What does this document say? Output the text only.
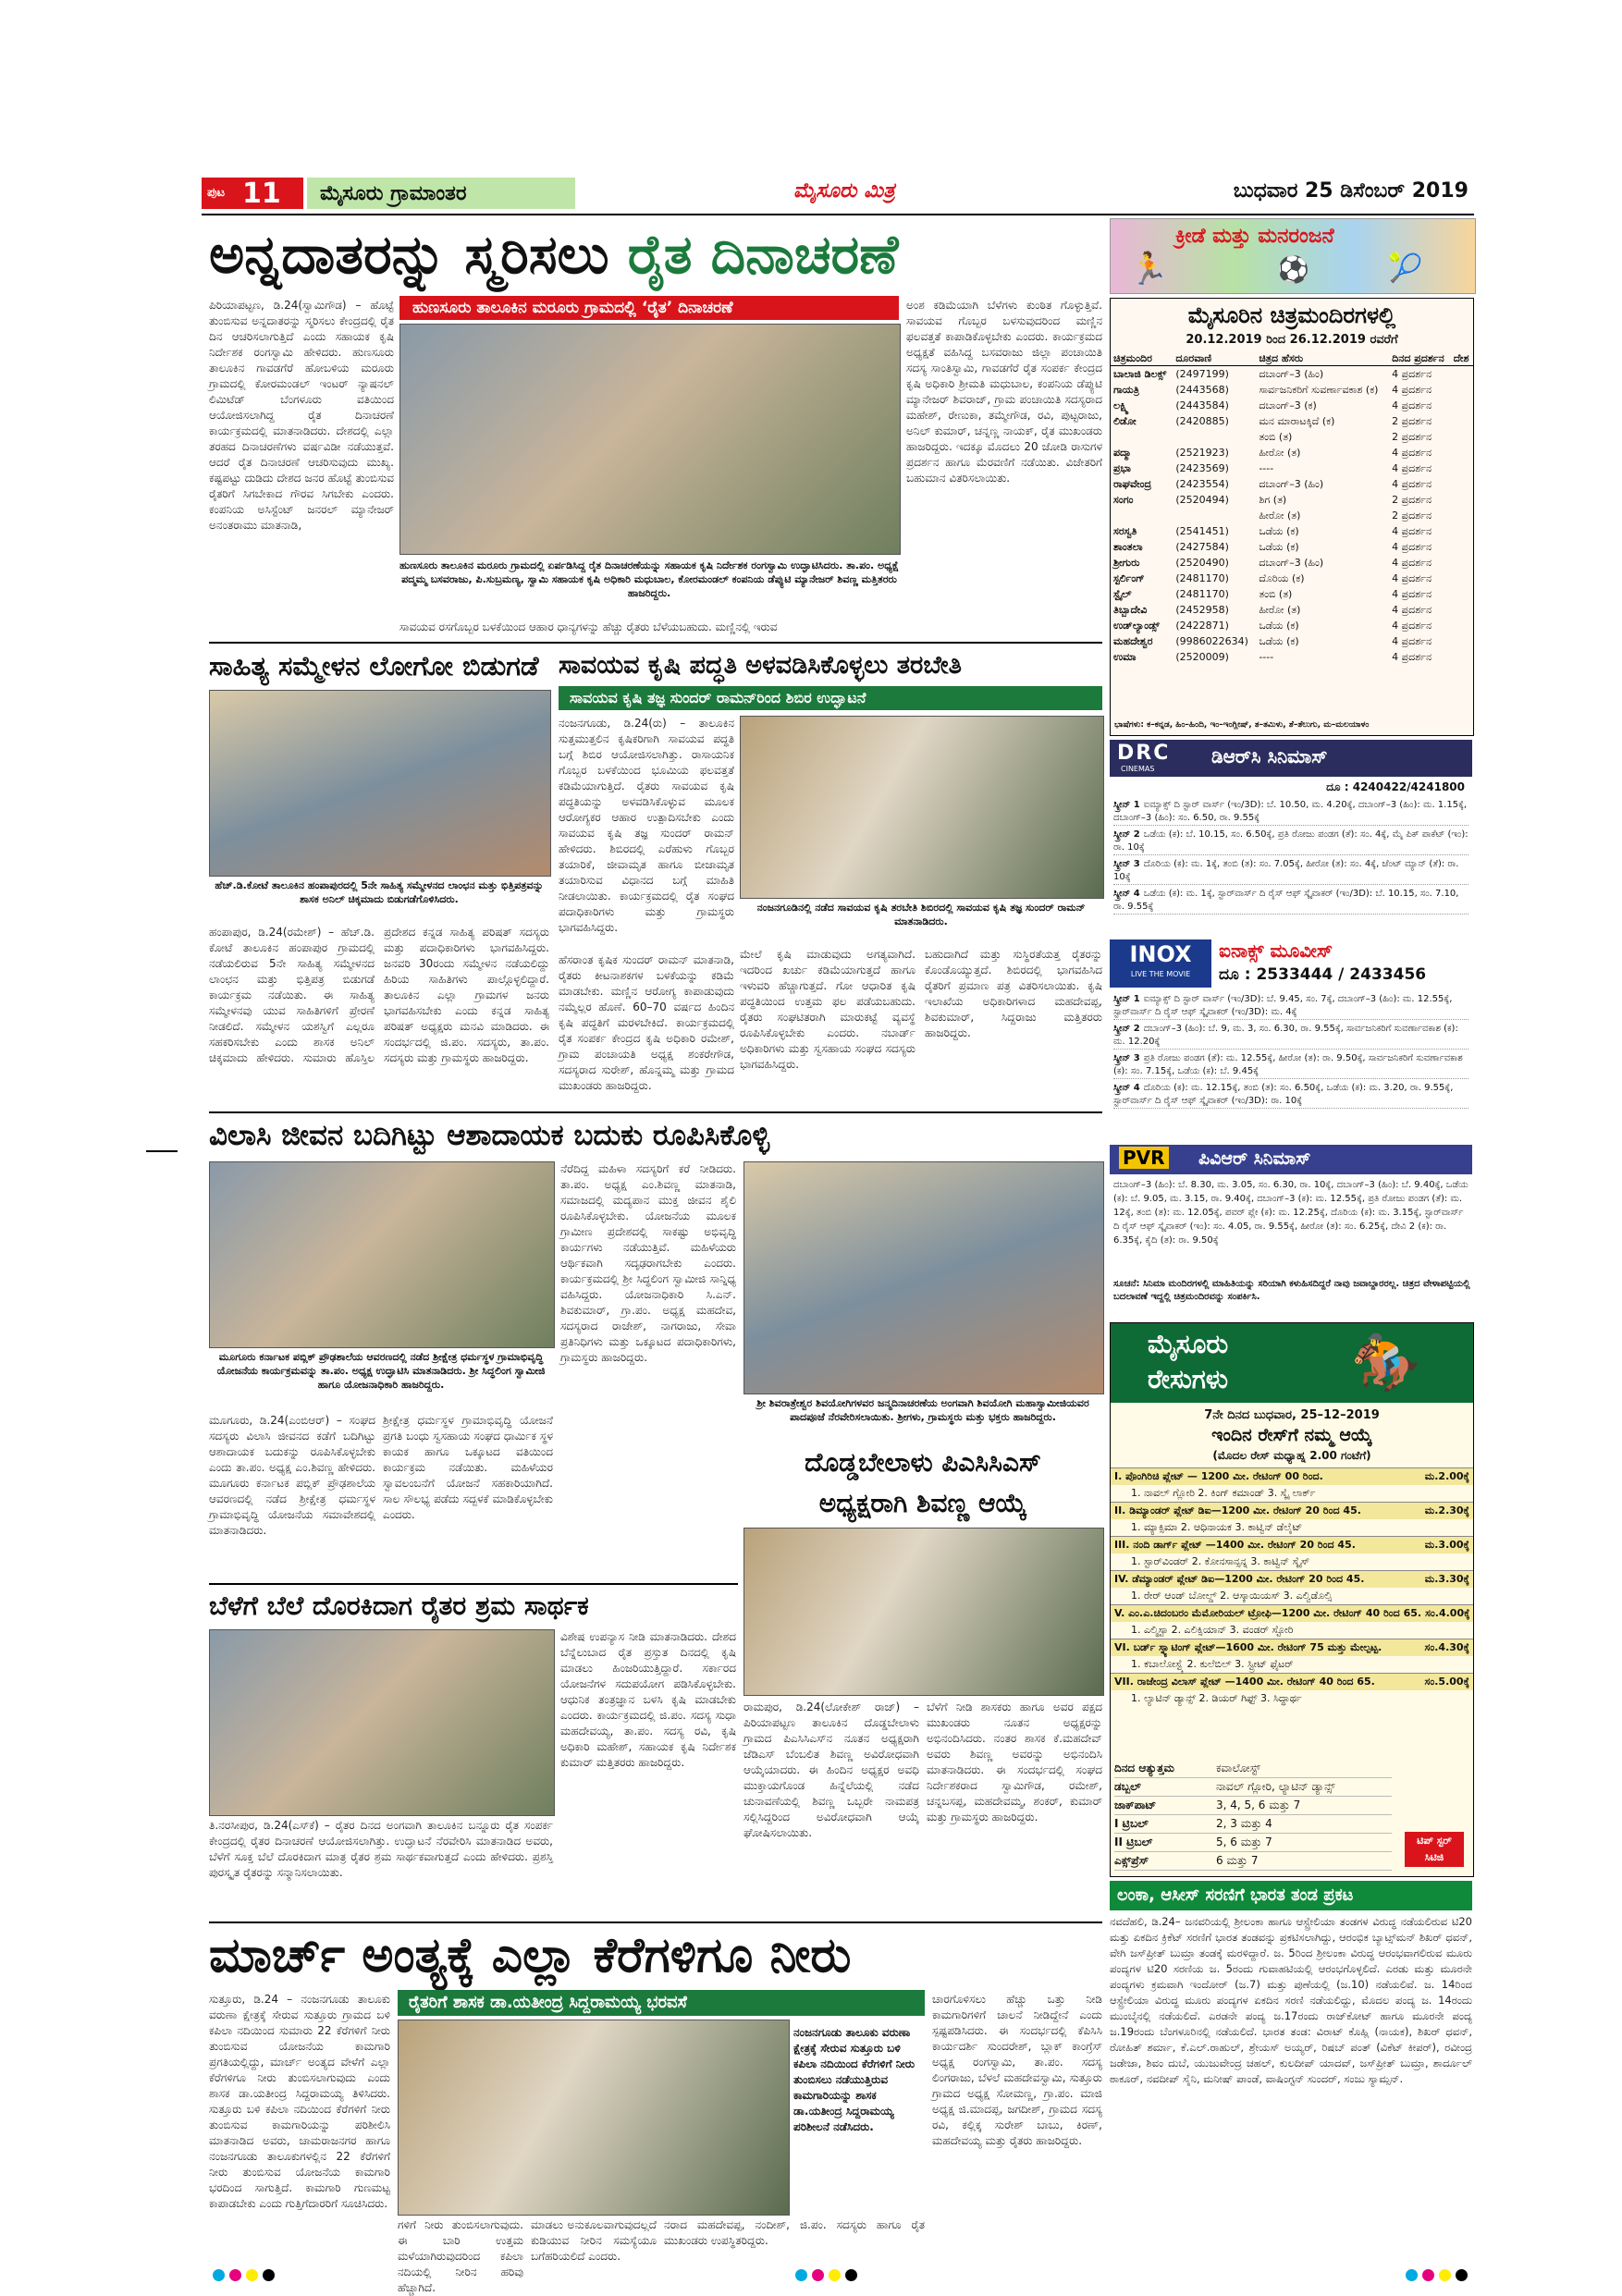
ಪುಟ 11 ಮೈಸೂರು ಗ್ರಾಮಾಂತರ	ಮೈಸೂರು ಮಿತ್ರ	ಬುಧವಾರ 25 ಡಿಸೆಂಬರ್ 2019
ಅನ್ನದಾತರನ್ನು ಸ್ಮರಿಸಲು ರೈತ ದಿನಾಚರಣೆ
ಪಿರಿಯಾಪಟ್ಟಣ, ಡಿ.24(ಸ್ವಾಮಿಗೌಡ) – ಹೊಟ್ಟೆ ತುಂಬಿಸುವ ಅನ್ನದಾತರನ್ನು ಸ್ಮರಿಸಲು ಕೇಂದ್ರದಲ್ಲಿ ರೈತ ದಿನ ಆಚರಿಸಲಾಗುತ್ತಿದೆ ಎಂದು ಸಹಾಯಕ ಕೃಷಿ ನಿರ್ದೇಶಕ ರಂಗಸ್ವಾಮಿ ಹೇಳಿದರು. ಹುಣಸೂರು ತಾಲೂಕಿನ ಗಾವಡಗೆರೆ ಹೋಬಳಿಯ ಮರೂರು ಗ್ರಾಮದಲ್ಲಿ ಕೋರಮಂಡಲ್ ಇಂಟರ್ ನ್ಯಾಷನಲ್ ಲಿಮಿಟೆಡ್ ಬೆಂಗಳೂರು ವತಿಯಿಂದ ಆಯೋಜಿಸಲಾಗಿದ್ದ ರೈತ ದಿನಾಚರಣೆ ಕಾರ್ಯಕ್ರಮದಲ್ಲಿ ಮಾತನಾಡಿದರು. ದೇಶದಲ್ಲಿ ಎಲ್ಲಾ ತರಹದ ದಿನಾಚರಣೆಗಳು ವರ್ಷವಿಡೀ ನಡೆಯುತ್ತವೆ. ಆದರೆ ರೈತ ದಿನಾಚರಣೆ ಆಚರಿಸುವುದು ಮುಖ್ಯ. ಕಷ್ಟಪಟ್ಟು ದುಡಿದು ದೇಶದ ಜನರ ಹೊಟ್ಟೆ ತುಂಬಿಸುವ ರೈತರಿಗೆ ಸಿಗಬೇಕಾದ ಗೌರವ ಸಿಗಬೇಕು ಎಂದರು. ಕಂಪನಿಯ ಅಸಿಸ್ಟೆಂಟ್ ಜನರಲ್ ಮ್ಯಾನೇಜರ್ ಅನಂತರಾಮು ಮಾತನಾಡಿ,
ಹುಣಸೂರು ತಾಲೂಕಿನ ಮರೂರು ಗ್ರಾಮದಲ್ಲಿ ‘ರೈತ’ ದಿನಾಚರಣೆ
ಹುಣಸೂರು ತಾಲೂಕಿನ ಮರೂರು ಗ್ರಾಮದಲ್ಲಿ ಏರ್ಪಡಿಸಿದ್ದ ರೈತ ದಿನಾಚರಣೆಯನ್ನು ಸಹಾಯಕ ಕೃಷಿ ನಿರ್ದೇಶಕ ರಂಗಸ್ವಾಮಿ ಉದ್ಘಾಟಿಸಿದರು. ತಾ.ಪಂ. ಅಧ್ಯಕ್ಷೆ ಪದ್ಮಮ್ಮ ಬಸವರಾಜು, ಪಿ.ಸುಬ್ರಮಣ್ಯ, ಸ್ವಾಮಿ ಸಹಾಯಕ ಕೃಷಿ ಅಧಿಕಾರಿ ಮಧುಬಾಲ, ಕೋರಮಂಡಲ್ ಕಂಪನಿಯ ಡೆಪ್ಯುಟಿ ಮ್ಯಾನೇಜರ್ ಶಿವಣ್ಣ ಮತ್ತಿತರರು ಹಾಜರಿದ್ದರು.
ಸಾವಯವ ರಸಗೊಬ್ಬರ ಬಳಕೆಯಿಂದ ಆಹಾರ ಧಾನ್ಯಗಳನ್ನು ಹೆಚ್ಚು ರೈತರು ಬೆಳೆಯಬಹುದು. ಮಣ್ಣಿನಲ್ಲಿ ಇರುವ
ಅಂಶ ಕಡಿಮೆಯಾಗಿ ಬೆಳೆಗಳು ಕುಂಠಿತ ಗೊಳ್ಳುತ್ತಿವೆ. ಸಾವಯವ ಗೊಬ್ಬರ ಬಳಸುವುದರಿಂದ ಮಣ್ಣಿನ ಫಲವತ್ತತೆ ಕಾಪಾಡಿಕೊಳ್ಳಬೇಕು ಎಂದರು. ಕಾರ್ಯಕ್ರಮದ ಅಧ್ಯಕ್ಷತೆ ವಹಿಸಿದ್ದ ಬಸವರಾಜು ಜಿಲ್ಲಾ ಪಂಚಾಯಿತಿ ಸದಸ್ಯ ಸಾಂತಿಸ್ವಾಮಿ, ಗಾವಡಗೆರೆ ರೈತ ಸಂಪರ್ಕ ಕೇಂದ್ರದ ಕೃಷಿ ಅಧಿಕಾರಿ ಶ್ರೀಮತಿ ಮಧುಬಾಲ, ಕಂಪನಿಯ ಡೆಪ್ಯುಟಿ ಮ್ಯಾನೇಜರ್ ಶಿವರಾಜ್, ಗ್ರಾಮ ಪಂಚಾಯಿತಿ ಸದಸ್ಯರಾದ ಮಹೇಶ್, ರೇಣುಕಾ, ತಮ್ಮೇಗೌಡ, ರವಿ, ಪುಟ್ಟರಾಜು, ಅನಿಲ್ ಕುಮಾರ್, ಚನ್ನಣ್ಣ ನಾಯಕ್, ರೈತ ಮುಖಂಡರು ಹಾಜರಿದ್ದರು. ಇದಕ್ಕೂ ಮೊದಲು 20 ಜೋಡಿ ರಾಸುಗಳ ಪ್ರದರ್ಶನ ಹಾಗೂ ಮೆರವಣಿಗೆ ನಡೆಯಿತು. ವಿಜೇತರಿಗೆ ಬಹುಮಾನ ವಿತರಿಸಲಾಯಿತು.
ಸಾಹಿತ್ಯ ಸಮ್ಮೇಳನ ಲೋಗೋ ಬಿಡುಗಡೆ
ಹೆಚ್.ಡಿ.ಕೋಟೆ ತಾಲೂಕಿನ ಹಂಪಾಪುರದಲ್ಲಿ 5ನೇ ಸಾಹಿತ್ಯ ಸಮ್ಮೇಳನದ ಲಾಂಛನ ಮತ್ತು ಭಿತ್ತಿಪತ್ರವನ್ನು ಶಾಸಕ ಅನಿಲ್ ಚಿಕ್ಕಮಾದು ಬಿಡುಗಡೆಗೊಳಿಸಿದರು.
ಹಂಪಾಪುರ, ಡಿ.24(ರಮೇಶ್) – ಹೆಚ್.ಡಿ. ಕೋಟೆ ತಾಲೂಕಿನ ಹಂಪಾಪುರ ಗ್ರಾಮದಲ್ಲಿ ನಡೆಯಲಿರುವ 5ನೇ ಸಾಹಿತ್ಯ ಸಮ್ಮೇಳನದ ಲಾಂಛನ ಮತ್ತು ಭಿತ್ತಿಪತ್ರ ಬಿಡುಗಡೆ ಕಾರ್ಯಕ್ರಮ ನಡೆಯಿತು. ಈ ಸಾಹಿತ್ಯ ಸಮ್ಮೇಳನವು ಯುವ ಸಾಹಿತಿಗಳಿಗೆ ಪ್ರೇರಣೆ ನೀಡಲಿದೆ. ಸಮ್ಮೇಳನ ಯಶಸ್ವಿಗೆ ಎಲ್ಲರೂ ಸಹಕರಿಸಬೇಕು ಎಂದು ಶಾಸಕ ಅನಿಲ್ ಚಿಕ್ಕಮಾದು ಹೇಳಿದರು. ಸುಮಾರು ಹೊಸ್ತಿಲ ಪ್ರದೇಶದ ಕನ್ನಡ ಸಾಹಿತ್ಯ ಪರಿಷತ್ ಸದಸ್ಯರು ಮತ್ತು ಪದಾಧಿಕಾರಿಗಳು ಭಾಗವಹಿಸಿದ್ದರು. ಜನವರಿ 30ರಂದು ಸಮ್ಮೇಳನ ನಡೆಯಲಿದ್ದು ಹಿರಿಯ ಸಾಹಿತಿಗಳು ಪಾಲ್ಗೊಳ್ಳಲಿದ್ದಾರೆ. ತಾಲೂಕಿನ ಎಲ್ಲಾ ಗ್ರಾಮಗಳ ಜನರು ಭಾಗವಹಿಸಬೇಕು ಎಂದು ಕನ್ನಡ ಸಾಹಿತ್ಯ ಪರಿಷತ್ ಅಧ್ಯಕ್ಷರು ಮನವಿ ಮಾಡಿದರು. ಈ ಸಂದರ್ಭದಲ್ಲಿ ಜಿ.ಪಂ. ಸದಸ್ಯರು, ತಾ.ಪಂ. ಸದಸ್ಯರು ಮತ್ತು ಗ್ರಾಮಸ್ಥರು ಹಾಜರಿದ್ದರು.
ಸಾವಯವ ಕೃಷಿ ಪದ್ಧತಿ ಅಳವಡಿಸಿಕೊಳ್ಳಲು ತರಬೇತಿ
ಸಾವಯವ ಕೃಷಿ ತಜ್ಞ ಸುಂದರ್ ರಾಮನ್‌ರಿಂದ ಶಿಬಿರ ಉದ್ಘಾಟನೆ
ನಂಜನಗೂಡು, ಡಿ.24(ರು) – ತಾಲೂಕಿನ ಸುತ್ತಮುತ್ತಲಿನ ಕೃಷಿಕರಿಗಾಗಿ ಸಾವಯವ ಪದ್ಧತಿ ಬಗ್ಗೆ ಶಿಬಿರ ಆಯೋಜಿಸಲಾಗಿತ್ತು. ರಾಸಾಯನಿಕ ಗೊಬ್ಬರ ಬಳಕೆಯಿಂದ ಭೂಮಿಯ ಫಲವತ್ತತೆ ಕಡಿಮೆಯಾಗುತ್ತಿದೆ. ರೈತರು ಸಾವಯವ ಕೃಷಿ ಪದ್ಧತಿಯನ್ನು ಅಳವಡಿಸಿಕೊಳ್ಳುವ ಮೂಲಕ ಆರೋಗ್ಯಕರ ಆಹಾರ ಉತ್ಪಾದಿಸಬೇಕು ಎಂದು ಸಾವಯವ ಕೃಷಿ ತಜ್ಞ ಸುಂದರ್ ರಾಮನ್ ಹೇಳಿದರು. ಶಿಬಿರದಲ್ಲಿ ಎರೆಹುಳು ಗೊಬ್ಬರ ತಯಾರಿಕೆ, ಜೀವಾಮೃತ ಹಾಗೂ ಬೀಜಾಮೃತ ತಯಾರಿಸುವ ವಿಧಾನದ ಬಗ್ಗೆ ಮಾಹಿತಿ ನೀಡಲಾಯಿತು. ಕಾರ್ಯಕ್ರಮದಲ್ಲಿ ರೈತ ಸಂಘದ ಪದಾಧಿಕಾರಿಗಳು ಮತ್ತು ಗ್ರಾಮಸ್ಥರು ಭಾಗವಹಿಸಿದ್ದರು.
ನಂಜನಗೂಡಿನಲ್ಲಿ ನಡೆದ ಸಾವಯವ ಕೃಷಿ ತರಬೇತಿ ಶಿಬಿರದಲ್ಲಿ ಸಾವಯವ ಕೃಷಿ ತಜ್ಞ ಸುಂದರ್ ರಾಮನ್ ಮಾತನಾಡಿದರು.
ಹೆಸರಾಂತ ಕೃಷಿಕ ಸುಂದರ್ ರಾಮನ್ ಮಾತನಾಡಿ, ರೈತರು ಕೀಟನಾಶಕಗಳ ಬಳಕೆಯನ್ನು ಕಡಿಮೆ ಮಾಡಬೇಕು. ಮಣ್ಣಿನ ಆರೋಗ್ಯ ಕಾಪಾಡುವುದು ನಮ್ಮೆಲ್ಲರ ಹೊಣೆ. 60–70 ವರ್ಷದ ಹಿಂದಿನ ಕೃಷಿ ಪದ್ಧತಿಗೆ ಮರಳಬೇಕಿದೆ. ಕಾರ್ಯಕ್ರಮದಲ್ಲಿ ರೈತ ಸಂಪರ್ಕ ಕೇಂದ್ರದ ಕೃಷಿ ಅಧಿಕಾರಿ ರಮೇಶ್, ಗ್ರಾಮ ಪಂಚಾಯತಿ ಅಧ್ಯಕ್ಷ ಶಂಕರೇಗೌಡ, ಸದಸ್ಯರಾದ ಸುರೇಶ್, ಹೊನ್ನಮ್ಮ ಮತ್ತು ಗ್ರಾಮದ ಮುಖಂಡರು ಹಾಜರಿದ್ದರು.
ಮೇಲೆ ಕೃಷಿ ಮಾಡುವುದು ಅಗತ್ಯವಾಗಿದೆ. ಇದರಿಂದ ಖರ್ಚು ಕಡಿಮೆಯಾಗುತ್ತದೆ ಹಾಗೂ ಇಳುವರಿ ಹೆಚ್ಚಾಗುತ್ತದೆ. ಗೋ ಆಧಾರಿತ ಕೃಷಿ ಪದ್ಧತಿಯಿಂದ ಉತ್ತಮ ಫಲ ಪಡೆಯಬಹುದು. ರೈತರು ಸಂಘಟಿತರಾಗಿ ಮಾರುಕಟ್ಟೆ ವ್ಯವಸ್ಥೆ ರೂಪಿಸಿಕೊಳ್ಳಬೇಕು ಎಂದರು. ನಬಾರ್ಡ್ ಅಧಿಕಾರಿಗಳು ಮತ್ತು ಸ್ವಸಹಾಯ ಸಂಘದ ಸದಸ್ಯರು ಭಾಗವಹಿಸಿದ್ದರು.
ಬಹುದಾಗಿದೆ ಮತ್ತು ಸುಸ್ಥಿರತೆಯತ್ತ ರೈತರನ್ನು ಕೊಂಡೊಯ್ಯುತ್ತದೆ. ಶಿಬಿರದಲ್ಲಿ ಭಾಗವಹಿಸಿದ ರೈತರಿಗೆ ಪ್ರಮಾಣ ಪತ್ರ ವಿತರಿಸಲಾಯಿತು. ಕೃಷಿ ಇಲಾಖೆಯ ಅಧಿಕಾರಿಗಳಾದ ಮಹದೇವಪ್ಪ, ಶಿವಕುಮಾರ್, ಸಿದ್ದರಾಜು ಮತ್ತಿತರರು ಹಾಜರಿದ್ದರು.
ವಿಲಾಸಿ ಜೀವನ ಬದಿಗಿಟ್ಟು ಆಶಾದಾಯಕ ಬದುಕು ರೂಪಿಸಿಕೊಳ್ಳಿ
ಮೂಗೂರು ಕರ್ನಾಟಕ ಪಬ್ಲಿಕ್ ಪ್ರೌಢಶಾಲೆಯ ಆವರಣದಲ್ಲಿ ನಡೆದ ಶ್ರೀಕ್ಷೇತ್ರ ಧರ್ಮಸ್ಥಳ ಗ್ರಾಮಾಭಿವೃದ್ಧಿ ಯೋಜನೆಯ ಕಾರ್ಯಕ್ರಮವನ್ನು ತಾ.ಪಂ. ಅಧ್ಯಕ್ಷ ಉದ್ಘಾಟಿಸಿ ಮಾತನಾಡಿದರು. ಶ್ರೀ ಸಿದ್ಧಲಿಂಗ ಸ್ವಾಮೀಜಿ ಹಾಗೂ ಯೋಜನಾಧಿಕಾರಿ ಹಾಜರಿದ್ದರು.
ಮೂಗೂರು, ಡಿ.24(ಎಂಬಿಆರ್) – ಸಂಘದ ಸದಸ್ಯರು ವಿಲಾಸಿ ಜೀವನದ ಕಡೆಗೆ ಬದಿಗಿಟ್ಟು ಆಶಾದಾಯಕ ಬದುಕನ್ನು ರೂಪಿಸಿಕೊಳ್ಳಬೇಕು ಎಂದು ತಾ.ಪಂ. ಅಧ್ಯಕ್ಷ ಎಂ.ಶಿವಣ್ಣ ಹೇಳಿದರು. ಮೂಗೂರು ಕರ್ನಾಟಕ ಪಬ್ಲಿಕ್ ಪ್ರೌಢಶಾಲೆಯ ಆವರಣದಲ್ಲಿ ನಡೆದ ಶ್ರೀಕ್ಷೇತ್ರ ಧರ್ಮಸ್ಥಳ ಗ್ರಾಮಾಭಿವೃದ್ಧಿ ಯೋಜನೆಯ ಸಮಾವೇಶದಲ್ಲಿ ಮಾತನಾಡಿದರು.
ಶ್ರೀಕ್ಷೇತ್ರ ಧರ್ಮಸ್ಥಳ ಗ್ರಾಮಾಭಿವೃದ್ಧಿ ಯೋಜನೆ ಪ್ರಗತಿ ಬಂಧು ಸ್ವಸಹಾಯ ಸಂಘದ ಧಾರ್ಮಿಕ ಸ್ಥಳ ಕಾಯಕ ಹಾಗೂ ಒಕ್ಕೂಟದ ವತಿಯಿಂದ ಕಾರ್ಯಕ್ರಮ ನಡೆಯಿತು. ಮಹಿಳೆಯರ ಸ್ವಾವಲಂಬನೆಗೆ ಯೋಜನೆ ಸಹಕಾರಿಯಾಗಿದೆ. ಸಾಲ ಸೌಲಭ್ಯ ಪಡೆದು ಸದ್ಬಳಕೆ ಮಾಡಿಕೊಳ್ಳಬೇಕು ಎಂದರು.
ನೆರೆದಿದ್ದ ಮಹಿಳಾ ಸದಸ್ಯರಿಗೆ ಕರೆ ನೀಡಿದರು. ತಾ.ಪಂ. ಅಧ್ಯಕ್ಷ ಎಂ.ಶಿವಣ್ಣ ಮಾತನಾಡಿ, ಸಮಾಜದಲ್ಲಿ ಮದ್ಯಪಾನ ಮುಕ್ತ ಜೀವನ ಶೈಲಿ ರೂಪಿಸಿಕೊಳ್ಳಬೇಕು. ಯೋಜನೆಯ ಮೂಲಕ ಗ್ರಾಮೀಣ ಪ್ರದೇಶದಲ್ಲಿ ಸಾಕಷ್ಟು ಅಭಿವೃದ್ಧಿ ಕಾರ್ಯಗಳು ನಡೆಯುತ್ತಿವೆ. ಮಹಿಳೆಯರು ಆರ್ಥಿಕವಾಗಿ ಸದೃಢರಾಗಬೇಕು ಎಂದರು. ಕಾರ್ಯಕ್ರಮದಲ್ಲಿ ಶ್ರೀ ಸಿದ್ಧಲಿಂಗ ಸ್ವಾಮೀಜಿ ಸಾನ್ನಿಧ್ಯ ವಹಿಸಿದ್ದರು. ಯೋಜನಾಧಿಕಾರಿ ಸಿ.ಎನ್. ಶಿವಕುಮಾರ್, ಗ್ರಾ.ಪಂ. ಅಧ್ಯಕ್ಷ ಮಹದೇವ, ಸದಸ್ಯರಾದ ರಾಜೇಶ್, ನಾಗರಾಜು, ಸೇವಾ ಪ್ರತಿನಿಧಿಗಳು ಮತ್ತು ಒಕ್ಕೂಟದ ಪದಾಧಿಕಾರಿಗಳು, ಗ್ರಾಮಸ್ಥರು ಹಾಜರಿದ್ದರು.
ಶ್ರೀ ಶಿವರಾತ್ರೇಶ್ವರ ಶಿವಯೋಗಿಗಳವರ ಜನ್ಮದಿನಾಚರಣೆಯ ಅಂಗವಾಗಿ ಶಿವಯೋಗಿ ಮಹಾಸ್ವಾಮೀಜಿಯವರ ಪಾದಪೂಜೆ ನೆರವೇರಿಸಲಾಯಿತು. ಶ್ರೀಗಳು, ಗ್ರಾಮಸ್ಥರು ಮತ್ತು ಭಕ್ತರು ಹಾಜರಿದ್ದರು.
ದೊಡ್ಡಬೇಲಾಳು ಪಿಎಸಿಸಿಎಸ್
ಅಧ್ಯಕ್ಷರಾಗಿ ಶಿವಣ್ಣ ಆಯ್ಕೆ
ಬೆಳೆಗೆ ಬೆಲೆ ದೊರಕಿದಾಗ ರೈತರ ಶ್ರಮ ಸಾರ್ಥಕ
ತಿ.ನರಸೀಪುರ, ಡಿ.24(ಎಸ್‌ಕೆ) – ರೈತರ ದಿನದ ಅಂಗವಾಗಿ ತಾಲೂಕಿನ ಬನ್ನೂರು ರೈತ ಸಂಪರ್ಕ ಕೇಂದ್ರದಲ್ಲಿ ರೈತರ ದಿನಾಚರಣೆ ಆಯೋಜಿಸಲಾಗಿತ್ತು. ಉದ್ಘಾಟನೆ ನೆರವೇರಿಸಿ ಮಾತನಾಡಿದ ಅವರು, ಬೆಳೆಗೆ ಸೂಕ್ತ ಬೆಲೆ ದೊರಕಿದಾಗ ಮಾತ್ರ ರೈತರ ಶ್ರಮ ಸಾರ್ಥಕವಾಗುತ್ತದೆ ಎಂದು ಹೇಳಿದರು. ಪ್ರಶಸ್ತಿ ಪುರಸ್ಕೃತ ರೈತರನ್ನು ಸನ್ಮಾನಿಸಲಾಯಿತು.
ವಿಶೇಷ ಉಪನ್ಯಾಸ ನೀಡಿ ಮಾತನಾಡಿದರು. ದೇಶದ ಬೆನ್ನೆಲುಬಾದ ರೈತ ಪ್ರಸ್ತುತ ದಿನದಲ್ಲಿ ಕೃಷಿ ಮಾಡಲು ಹಿಂಜರಿಯುತ್ತಿದ್ದಾರೆ. ಸರ್ಕಾರದ ಯೋಜನೆಗಳ ಸದುಪಯೋಗ ಪಡಿಸಿಕೊಳ್ಳಬೇಕು. ಆಧುನಿಕ ತಂತ್ರಜ್ಞಾನ ಬಳಸಿ ಕೃಷಿ ಮಾಡಬೇಕು ಎಂದರು. ಕಾರ್ಯಕ್ರಮದಲ್ಲಿ ಜಿ.ಪಂ. ಸದಸ್ಯ ಸುಧಾ ಮಹದೇವಯ್ಯ, ತಾ.ಪಂ. ಸದಸ್ಯ ರವಿ, ಕೃಷಿ ಅಧಿಕಾರಿ ಮಹೇಶ್, ಸಹಾಯಕ ಕೃಷಿ ನಿರ್ದೇಶಕ ಕುಮಾರ್ ಮತ್ತಿತರರು ಹಾಜರಿದ್ದರು.
ರಾಮಪುರ, ಡಿ.24(ಲೋಕೇಶ್ ರಾಜ್) – ಪಿರಿಯಾಪಟ್ಟಣ ತಾಲೂಕಿನ ದೊಡ್ಡಬೇಲಾಳು ಗ್ರಾಮದ ಪಿಎಸಿಸಿಎಸ್‌ನ ನೂತನ ಅಧ್ಯಕ್ಷರಾಗಿ ಜೆಡಿಎಸ್ ಬೆಂಬಲಿತ ಶಿವಣ್ಣ ಅವಿರೋಧವಾಗಿ ಆಯ್ಕೆಯಾದರು. ಈ ಹಿಂದಿನ ಅಧ್ಯಕ್ಷರ ಅವಧಿ ಮುಕ್ತಾಯಗೊಂಡ ಹಿನ್ನೆಲೆಯಲ್ಲಿ ನಡೆದ ಚುನಾವಣೆಯಲ್ಲಿ ಶಿವಣ್ಣ ಒಬ್ಬರೇ ನಾಮಪತ್ರ ಸಲ್ಲಿಸಿದ್ದರಿಂದ ಅವಿರೋಧವಾಗಿ ಆಯ್ಕೆ ಘೋಷಿಸಲಾಯಿತು.
ಬೆಳೆಗೆ ನೀಡಿ ಶಾಸಕರು ಹಾಗೂ ಅವರ ಪಕ್ಷದ ಮುಖಂಡರು ನೂತನ ಅಧ್ಯಕ್ಷರನ್ನು ಅಭಿನಂದಿಸಿದರು. ನಂತರ ಶಾಸಕ ಕೆ.ಮಹದೇವ್ ಅವರು ಶಿವಣ್ಣ ಅವರನ್ನು ಅಭಿನಂದಿಸಿ ಮಾತನಾಡಿದರು. ಈ ಸಂದರ್ಭದಲ್ಲಿ ಸಂಘದ ನಿರ್ದೇಶಕರಾದ ಸ್ವಾಮಿಗೌಡ, ರಮೇಶ್, ಚನ್ನಬಸಪ್ಪ, ಮಹದೇವಮ್ಮ, ಶಂಕರ್, ಕುಮಾರ್ ಮತ್ತು ಗ್ರಾಮಸ್ಥರು ಹಾಜರಿದ್ದರು.
ಮಾರ್ಚ್ ಅಂತ್ಯಕ್ಕೆ ಎಲ್ಲಾ ಕೆರೆಗಳಿಗೂ ನೀರು
ಸುತ್ತೂರು, ಡಿ.24 – ನಂಜನಗೂಡು ತಾಲೂಕು ವರುಣಾ ಕ್ಷೇತ್ರಕ್ಕೆ ಸೇರುವ ಸುತ್ತೂರು ಗ್ರಾಮದ ಬಳಿ ಕಪಿಲಾ ನದಿಯಿಂದ ಸುಮಾರು 22 ಕೆರೆಗಳಿಗೆ ನೀರು ತುಂಬಿಸುವ ಯೋಜನೆಯ ಕಾಮಗಾರಿ ಪ್ರಗತಿಯಲ್ಲಿದ್ದು, ಮಾರ್ಚ್ ಅಂತ್ಯದ ವೇಳೆಗೆ ಎಲ್ಲಾ ಕೆರೆಗಳಿಗೂ ನೀರು ತುಂಬಿಸಲಾಗುವುದು ಎಂದು ಶಾಸಕ ಡಾ.ಯತೀಂದ್ರ ಸಿದ್ದರಾಮಯ್ಯ ತಿಳಿಸಿದರು. ಸುತ್ತೂರು ಬಳಿ ಕಪಿಲಾ ನದಿಯಿಂದ ಕೆರೆಗಳಿಗೆ ನೀರು ತುಂಬಿಸುವ ಕಾಮಗಾರಿಯನ್ನು ಪರಿಶೀಲಿಸಿ ಮಾತನಾಡಿದ ಅವರು, ಚಾಮರಾಜನಗರ ಹಾಗೂ ನಂಜನಗೂಡು ತಾಲೂಕುಗಳಲ್ಲಿನ 22 ಕೆರೆಗಳಿಗೆ ನೀರು ತುಂಬಿಸುವ ಯೋಜನೆಯ ಕಾಮಗಾರಿ ಭರದಿಂದ ಸಾಗುತ್ತಿದೆ. ಕಾಮಗಾರಿ ಗುಣಮಟ್ಟ ಕಾಪಾಡಬೇಕು ಎಂದು ಗುತ್ತಿಗೆದಾರರಿಗೆ ಸೂಚಿಸಿದರು.
ರೈತರಿಗೆ ಶಾಸಕ ಡಾ.ಯತೀಂದ್ರ ಸಿದ್ದರಾಮಯ್ಯ ಭರವಸೆ
ನಂಜನಗೂಡು ತಾಲೂಕು ವರುಣಾ ಕ್ಷೇತ್ರಕ್ಕೆ ಸೇರುವ ಸುತ್ತೂರು ಬಳಿ ಕಪಿಲಾ ನದಿಯಿಂದ ಕೆರೆಗಳಿಗೆ ನೀರು ತುಂಬಿಸಲು ನಡೆಯುತ್ತಿರುವ ಕಾಮಗಾರಿಯನ್ನು ಶಾಸಕ ಡಾ.ಯತೀಂದ್ರ ಸಿದ್ದರಾಮಯ್ಯ ಪರಿಶೀಲನೆ ನಡೆಸಿದರು.
ಗಳಿಗೆ ನೀರು ತುಂಬಿಸಲಾಗುವುದು. ಈ ಬಾರಿ ಉತ್ತಮ ಮಳೆಯಾಗಿರುವುದರಿಂದ ಕಪಿಲಾ ನದಿಯಲ್ಲಿ ನೀರಿನ ಹರಿವು ಹೆಚ್ಚಾಗಿದೆ.
ಮಾಡಲು ಅನುಕೂಲವಾಗುವುದಲ್ಲದೆ ಕುಡಿಯುವ ನೀರಿನ ಸಮಸ್ಯೆಯೂ ಬಗೆಹರಿಯಲಿದೆ ಎಂದರು.
ನರಾದ ಮಹದೇವಪ್ಪ, ನಂದೀಶ್, ಜಿ.ಪಂ. ಸದಸ್ಯರು ಹಾಗೂ ರೈತ ಮುಖಂಡರು ಉಪಸ್ಥಿತರಿದ್ದರು.
ಚಾರಗೊಳಿಸಲು ಹೆಚ್ಚು ಒತ್ತು ನೀಡಿ ಕಾಮಗಾರಿಗಳಿಗೆ ಚಾಲನೆ ನೀಡಿದ್ದೇನೆ ಎಂದು ಸ್ಪಷ್ಟಪಡಿಸಿದರು. ಈ ಸಂದರ್ಭದಲ್ಲಿ ಕೆಪಿಸಿಸಿ ಕಾರ್ಯದರ್ಶಿ ಸುಂದರೇಶ್, ಬ್ಲಾಕ್ ಕಾಂಗ್ರೆಸ್ ಅಧ್ಯಕ್ಷ ರಂಗಸ್ವಾಮಿ, ತಾ.ಪಂ. ಸದಸ್ಯ ಲಿಂಗರಾಜು, ಬೆಳಲೆ ಮಹದೇವಸ್ವಾಮಿ, ಸುತ್ತೂರು ಗ್ರಾಮದ ಅಧ್ಯಕ್ಷ ಸೋಮಣ್ಣ, ಗ್ರಾ.ಪಂ. ಮಾಜಿ ಅಧ್ಯಕ್ಷ ಜಿ.ಮಾದಪ್ಪ, ಜಗದೀಶ್, ಗ್ರಾಮದ ಸದಸ್ಯ ರವಿ, ಕಲ್ಲಿಕ್ಕ ಸುರೇಶ್ ಬಾಬು, ಕಿರಣ್, ಮಹದೇವಯ್ಯ ಮತ್ತು ರೈತರು ಹಾಜರಿದ್ದರು.
ಕ್ರೀಡೆ ಮತ್ತು ಮನರಂಜನೆ
🏃	⚽	🎾
ಮೈಸೂರಿನ ಚಿತ್ರಮಂದಿರಗಳಲ್ಲಿ
20.12.2019 ರಿಂದ 26.12.2019 ರವರೆಗೆ
ಚಿತ್ರಮಂದಿರ	ದೂರವಾಣಿ	ಚಿತ್ರದ ಹೆಸರು	ದಿನದ ಪ್ರದರ್ಶನ	ದೇಶ
ಬಾಲಾಜಿ ಡಿಲಕ್ಸ್	(2497199)	ದಬಾಂಗ್–3 (ಹಿಂ)	4 ಪ್ರದರ್ಶನ	
ಗಾಯತ್ರಿ	(2443568)	ಸಾರ್ವಜನಿಕರಿಗೆ ಸುವರ್ಣಾವಕಾಶ (ಕ)	4 ಪ್ರದರ್ಶನ	
ಲಕ್ಷ್ಮಿ	(2443584)	ದಬಾಂಗ್–3 (ಕ)	4 ಪ್ರದರ್ಶನ	
ಲಿಡೋ	(2420885)	ಮನ ಮಾರಾಟಕ್ಕಿದೆ (ಕ)	2 ಪ್ರದರ್ಶನ	
		ತಂಬಿ (ತ)	2 ಪ್ರದರ್ಶನ	
ಪದ್ಮಾ	(2521923)	ಹೀರೋ (ತ)	4 ಪ್ರದರ್ಶನ	
ಪ್ರಭಾ	(2423569)	----	4 ಪ್ರದರ್ಶನ	
ರಾಘವೇಂದ್ರ	(2423554)	ದಬಾಂಗ್–3 (ಹಿಂ)	4 ಪ್ರದರ್ಶನ	
ಸಂಗಂ	(2520494)	ಶಿಗ (ತ)	2 ಪ್ರದರ್ಶನ	
		ಹೀರೋ (ತ)	2 ಪ್ರದರ್ಶನ	
ಸರಸ್ವತಿ	(2541451)	ಒಡೆಯ (ಕ)	4 ಪ್ರದರ್ಶನ	
ಶಾಂತಲಾ	(2427584)	ಒಡೆಯ (ಕ)	4 ಪ್ರದರ್ಶನ	
ಶ್ರೀಗುರು	(2520490)	ದಬಾಂಗ್–3 (ಹಿಂ)	4 ಪ್ರದರ್ಶನ	
ಸ್ಟರ್ಲಿಂಗ್	(2481170)	ದೊರಿಯ (ಕ)	4 ಪ್ರದರ್ಶನ	
ಸ್ಟೈಲ್	(2481170)	ತಂಬಿ (ತ)	4 ಪ್ರದರ್ಶನ	
ತಿಬ್ಬಾದೇವಿ	(2452958)	ಹೀರೋ (ತ)	4 ಪ್ರದರ್ಶನ	
ಉಡ್‌ಲ್ಯಾಂಡ್ಸ್	(2422871)	ಒಡೆಯ (ಕ)	4 ಪ್ರದರ್ಶನ	
ಮಹದೇಶ್ವರ	(9986022634)	ಒಡೆಯ (ಕ)	4 ಪ್ರದರ್ಶನ	
ಉಮಾ	(2520009)	----	4 ಪ್ರದರ್ಶನ	
ಭಾಷೆಗಳು: ಕ–ಕನ್ನಡ, ಹಿಂ–ಹಿಂದಿ, ಇಂ–ಇಂಗ್ಲೀಷ್, ತ–ತಮಿಳು, ತೆ–ತೆಲುಗು, ಮ–ಮಲಯಾಳಂ
DRC
CINEMAS
ಡಿಆರ್‌ಸಿ ಸಿನಿಮಾಸ್
ದೂ : 4240422/4241800
ಸ್ಕ್ರೀನ್ 1 ಐಮ್ಯಾಕ್ಸ್ ದಿ ಸ್ಟಾರ್ ವಾರ್ಸ್ (ಇಂ/3D): ಬೆ. 10.50, ಮ. 4.20ಕ್ಕೆ, ದಬಾಂಗ್–3 (ಹಿಂ): ಮ. 1.15ಕ್ಕೆ, ದಬಾಂಗ್–3 (ಹಿಂ): ಸಂ. 6.50, ರಾ. 9.55ಕ್ಕೆ
ಸ್ಕ್ರೀನ್ 2 ಒಡೆಯ (ಕ): ಬೆ. 10.15, ಸಂ. 6.50ಕ್ಕೆ, ಪ್ರತಿ ರೋಜು ಪಂಡಗ (ತೆ): ಸಂ. 4ಕ್ಕೆ, ಮೈ ಪಿಕ್ ಪಾಕೆಟ್ (ಇಂ): ರಾ. 10ಕ್ಕೆ
ಸ್ಕ್ರೀನ್ 3 ದೊರಿಯ (ಕ): ಮ. 1ಕ್ಕೆ, ತಂಬಿ (ತ): ಸಂ. 7.05ಕ್ಕೆ, ಹೀರೋ (ತ): ಸಂ. 4ಕ್ಕೆ, ಜೆಂಟ್ ಮ್ಯಾನ್ (ತೆ): ರಾ. 10ಕ್ಕೆ
ಸ್ಕ್ರೀನ್ 4 ಒಡೆಯ (ಕ): ಮ. 1ಕ್ಕೆ, ಸ್ಟಾರ್‌ವಾರ್ಸ್ ದಿ ರೈಸ್ ಆಫ್ ಸ್ಕೈವಾಕರ್ (ಇಂ/3D): ಬೆ. 10.15, ಸಂ. 7.10, ರಾ. 9.55ಕ್ಕೆ
INOX
LIVE THE MOVIE
ಐನಾಕ್ಸ್ ಮೂವೀಸ್
ದೂ : 2533444 / 2433456
ಸ್ಕ್ರೀನ್ 1 ಐಮ್ಯಾಕ್ಸ್ ದಿ ಸ್ಟಾರ್ ವಾರ್ಸ್ (ಇಂ/3D): ಬೆ. 9.45, ಸಂ. 7ಕ್ಕೆ, ದಬಾಂಗ್–3 (ಹಿಂ): ಮ. 12.55ಕ್ಕೆ, ಸ್ಟಾರ್‌ವಾರ್ಸ್ ದಿ ರೈಸ್ ಆಫ್ ಸ್ಕೈವಾಕರ್ (ಇಂ/3D): ಮ. 4ಕ್ಕೆ
ಸ್ಕ್ರೀನ್ 2 ದಬಾಂಗ್–3 (ಹಿಂ): ಬೆ. 9, ಮ. 3, ಸಂ. 6.30, ರಾ. 9.55ಕ್ಕೆ, ಸಾರ್ವಜನಿಕರಿಗೆ ಸುವರ್ಣಾವಕಾಶ (ಕ): ಮ. 12.20ಕ್ಕೆ
ಸ್ಕ್ರೀನ್ 3 ಪ್ರತಿ ರೋಜು ಪಂಡಗ (ತೆ): ಮ. 12.55ಕ್ಕೆ, ಹೀರೋ (ತ): ರಾ. 9.50ಕ್ಕೆ, ಸಾರ್ವಜನಿಕರಿಗೆ ಸುವರ್ಣಾವಕಾಶ (ಕ): ಸಂ. 7.15ಕ್ಕೆ, ಒಡೆಯ (ಕ): ಬೆ. 9.45ಕ್ಕೆ
ಸ್ಕ್ರೀನ್ 4 ದೊರಿಯ (ಕ): ಮ. 12.15ಕ್ಕೆ, ತಂಬಿ (ತ): ಸಂ. 6.50ಕ್ಕೆ, ಒಡೆಯ (ಕ): ಮ. 3.20, ರಾ. 9.55ಕ್ಕೆ, ಸ್ಟಾರ್‌ವಾರ್ಸ್ ದಿ ರೈಸ್ ಆಫ್ ಸ್ಕೈವಾಕರ್ (ಇಂ/3D): ರಾ. 10ಕ್ಕೆ
PVR ಪಿವಿಆರ್ ಸಿನಿಮಾಸ್
ದಬಾಂಗ್–3 (ಹಿಂ): ಬೆ. 8.30, ಮ. 3.05, ಸಂ. 6.30, ರಾ. 10ಕ್ಕೆ, ದಬಾಂಗ್–3 (ಹಿಂ): ಬೆ. 9.40ಕ್ಕೆ, ಒಡೆಯ (ಕ): ಬೆ. 9.05, ಮ. 3.15, ರಾ. 9.40ಕ್ಕೆ, ದಬಾಂಗ್–3 (ಕ): ಮ. 12.55ಕ್ಕೆ, ಪ್ರತಿ ರೋಜು ಪಂಡಗ (ತೆ): ಮ. 12ಕ್ಕೆ, ತಂಬಿ (ತ): ಮ. 12.05ಕ್ಕೆ, ಪವರ್ ಪ್ಲೇ (ಕ): ಮ. 12.25ಕ್ಕೆ, ದೊರಿಯ (ಕ): ಮ. 3.15ಕ್ಕೆ, ಸ್ಟಾರ್‌ವಾರ್ಸ್ ದಿ ರೈಸ್ ಆಫ್ ಸ್ಕೈವಾಕರ್ (ಇಂ): ಸಂ. 4.05, ರಾ. 9.55ಕ್ಕೆ, ಹೀರೋ (ತ): ಸಂ. 6.25ಕ್ಕೆ, ದೇವಿ 2 (ಕ): ರಾ. 6.35ಕ್ಕೆ, ಕೈದಿ (ತ): ರಾ. 9.50ಕ್ಕೆ
ಸೂಚನೆ: ಸಿನಿಮಾ ಮಂದಿರಗಳಲ್ಲಿ ಮಾಹಿತಿಯನ್ನು ಸರಿಯಾಗಿ ಕಳುಹಿಸದಿದ್ದರೆ ನಾವು ಜವಾಬ್ದಾರರಲ್ಲ. ಚಿತ್ರದ ವೇಳಾಪಟ್ಟಿಯಲ್ಲಿ ಬದಲಾವಣೆ ಇದ್ದಲ್ಲಿ ಚಿತ್ರಮಂದಿರವನ್ನು ಸಂಪರ್ಕಿಸಿ.
ಮೈಸೂರು
ರೇಸುಗಳು 🏇
7ನೇ ದಿನದ ಬುಧವಾರ, 25–12–2019
ಇಂದಿನ ರೇಸ್‌ಗೆ ನಮ್ಮ ಆಯ್ಕೆ
(ಮೊದಲ ರೇಸ್ ಮಧ್ಯಾಹ್ನ 2.00 ಗಂಟೆಗೆ)
I. ಪೊಂಗಿರಿಚಿ ಪ್ಲೇಟ್ — 1200 ಮೀ. ರೇಟಿಂಗ್ 00 ರಿಂದ.	ಮ.2.00ಕ್ಕೆ
1. ನಾವಲ್ ಗ್ಲೋರಿ 2. ಕಿಂಗ್ ಕಮಾಂಡ್ 3. ಸ್ಕೈ ಲಾರ್ಕ್
II. ಡಿಮ್ಯಾಂಡರ್ ಪ್ಲೇಟ್ ಡಿಐ—1200 ಮೀ. ರೇಟಿಂಗ್ 20 ರಿಂದ 45.	ಮ.2.30ಕ್ಕೆ
1. ಮ್ಯಾಕ್ಸಿಮಾ 2. ಆಧಿನಾಯಕ 3. ಕಾಟ್ವಿನ್ ಡೆಲೈಟ್
III. ನಂದಿ ಡಾರ್ಗ್ ಪ್ಲೇಟ್ —1400 ಮೀ. ರೇಟಿಂಗ್ 20 ರಿಂದ 45.	ಮ.3.00ಕ್ಕೆ
1. ಸ್ಟಾರ್‌ವಿಂಡರ್ 2. ಕೋನಸಾನ್ಸನ್ನ 3. ಕಾಟ್ವಿನ್ ಸ್ಕೈಸ್
IV. ಡೆಮ್ಯಾಂಡರ್ ಪ್ಲೇಟ್ ಡಿಐ—1200 ಮೀ. ರೇಟಿಂಗ್ 20 ರಿಂದ 45.	ಮ.3.30ಕ್ಕೆ
1. ರೇರ್ ಆಂಡ್ ಬೋಲ್ಡ್ 2. ಆಸ್ಕಾಯಿಯಸ್ 3. ಎಲ್ವಿಡೊಲ್ಸಿ
V. ಎಂ.ಎ.ಚಿದಂಬರಂ ಮೆಮೋರಿಯಲ್ ಟ್ರೋಫಿ—1200 ಮೀ. ರೇಟಿಂಗ್ 40 ರಿಂದ 65. ಸಂ.4.00ಕ್ಕೆ
1. ಎಲ್ಮಿಸ್ಟಾ 2. ಎಲಿಕ್ಸಿಯಾನ್ 3. ವಂಡರ್ ಸ್ಟೋರಿ
VI. ಬರ್ಡ್ ಸ್ನ್ಯಾಟಿಂಗ್ ಪ್ಲೇಟ್—1600 ಮೀ. ರೇಟಿಂಗ್ 75 ಮತ್ತು ಮೇಲ್ಪಟ್ಟ.	ಸಂ.4.30ಕ್ಕೆ
1. ಕಬಾಲೋಸ್ಟ್ಕೆ 2. ಕುಲೆಬಿಲ್ 3. ಸ್ಟ್ರೀಟ್ ಫೈಟರ್
VII. ರಾಜೇಂದ್ರ ವಿಲಾಸ್ ಪ್ಲೇಟ್ —1400 ಮೀ. ರೇಟಿಂಗ್ 40 ರಿಂದ 65.	ಸಂ.5.00ಕ್ಕೆ
1. ಲ್ಯಾಟಿನ್ ಡ್ಯಾನ್ಸ್ 2. ಡಿಯರ್ ಗಿಫ್ಟ್ 3. ಸಿದ್ಧಾರ್ಥ
ದಿನದ ಆತ್ಯುತ್ತಮ	ಕವಾಲೋಸ್ಟ್
ಡಬ್ಬಲ್	ನಾವಲ್ ಗ್ಲೋರಿ, ಲ್ಯಾಟಿನ್ ಡ್ಯಾನ್ಸ್
ಜಾಕ್‌ಪಾಟ್	3, 4, 5, 6 ಮತ್ತು 7
I ಟ್ರಿಬಲ್	2, 3 ಮತ್ತು 4
II ಟ್ರಿಬಲ್	5, 6 ಮತ್ತು 7
ಎಕ್ಸ್‌ಪ್ರೆಸ್	6 ಮತ್ತು 7
ಟಿಪ್ ಸ್ಟರ್
ಸಿಟಿಜಿ
ಲಂಕಾ, ಆಸೀಸ್ ಸರಣಿಗೆ ಭಾರತ ತಂಡ ಪ್ರಕಟ
ನವದೆಹಲಿ, ಡಿ.24– ಜನವರಿಯಲ್ಲಿ ಶ್ರೀಲಂಕಾ ಹಾಗೂ ಆಸ್ಟ್ರೇಲಿಯಾ ತಂಡಗಳ ವಿರುದ್ಧ ನಡೆಯಲಿರುವ ಟಿ20 ಮತ್ತು ಏಕದಿನ ಕ್ರಿಕೆಟ್ ಸರಣಿಗೆ ಭಾರತ ತಂಡವನ್ನು ಪ್ರಕಟಿಸಲಾಗಿದ್ದು, ಆರಂಭಿಕ ಬ್ಯಾಟ್ಸ್‌ಮನ್ ಶಿಖರ್ ಧವನ್, ವೇಗಿ ಜಸ್‌ಪ್ರೀತ್ ಬುಮ್ರಾ ತಂಡಕ್ಕೆ ಮರಳಿದ್ದಾರೆ. ಜ. 5ರಿಂದ ಶ್ರೀಲಂಕಾ ವಿರುದ್ಧ ಆರಂಭವಾಗಲಿರುವ ಮೂರು ಪಂದ್ಯಗಳ ಟಿ20 ಸರಣಿಯ ಜ. 5ರಂದು ಗುವಾಹಟಿಯಲ್ಲಿ ಆರಂಭಗೊಳ್ಳಲಿದೆ. ಎರಡು ಮತ್ತು ಮೂರನೇ ಪಂದ್ಯಗಳು ಕ್ರಮವಾಗಿ ಇಂದೋರ್ (ಜ.7) ಮತ್ತು ಪುಣೆಯಲ್ಲಿ (ಜ.10) ನಡೆಯಲಿವೆ. ಜ. 14ರಿಂದ ಆಸ್ಟ್ರೇಲಿಯಾ ವಿರುದ್ಧ ಮೂರು ಪಂದ್ಯಗಳ ಏಕದಿನ ಸರಣಿ ನಡೆಯಲಿದ್ದು, ಮೊದಲ ಪಂದ್ಯ ಜ. 14ರಂದು ಮುಂಬೈನಲ್ಲಿ ನಡೆಯಲಿದೆ. ಎರಡನೇ ಪಂದ್ಯ ಜ.17ರಂದು ರಾಜ್‌ಕೋಟ್ ಹಾಗೂ ಮೂರನೇ ಪಂದ್ಯ ಜ.19ರಂದು ಬೆಂಗಳೂರಿನಲ್ಲಿ ನಡೆಯಲಿದೆ. ಭಾರತ ತಂಡ: ವಿರಾಟ್ ಕೊಹ್ಲಿ (ನಾಯಕ), ಶಿಖರ್ ಧವನ್, ರೋಹಿತ್ ಶರ್ಮಾ, ಕೆ.ಎಲ್.ರಾಹುಲ್, ಶ್ರೇಯಸ್ ಅಯ್ಯರ್, ರಿಷಬ್ ಪಂತ್ (ವಿಕೆಟ್ ಕೀಪರ್), ರವೀಂದ್ರ ಜಡೇಜಾ, ಶಿವಂ ದುಬೆ, ಯುಜುವೇಂದ್ರ ಚಹಲ್, ಕುಲದೀಪ್ ಯಾದವ್, ಜಸ್‌ಪ್ರೀತ್ ಬುಮ್ರಾ, ಶಾರ್ದೂಲ್ ಠಾಕೂರ್, ನವದೀಪ್ ಸೈನಿ, ಮನೀಷ್ ಪಾಂಡೆ, ವಾಷಿಂಗ್ಟನ್ ಸುಂದರ್, ಸಂಜು ಸ್ಯಾಮ್ಸನ್.
